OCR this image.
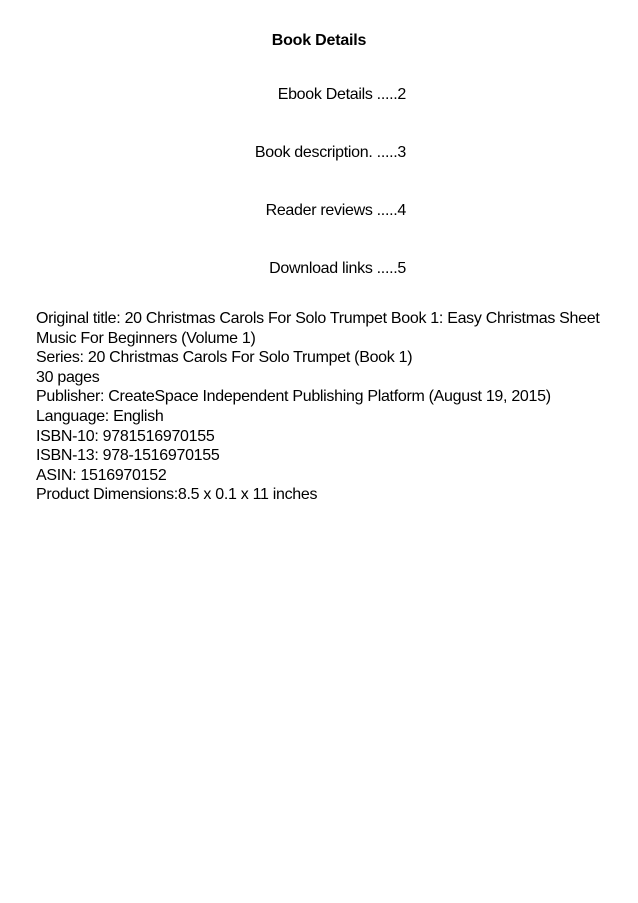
Book Details
Ebook Details .....2
Book description. .....3
Reader reviews .....4
Download links .....5
Original title: 20 Christmas Carols For Solo Trumpet Book 1: Easy Christmas Sheet Music For Beginners (Volume 1)
Series: 20 Christmas Carols For Solo Trumpet (Book 1)
30 pages
Publisher: CreateSpace Independent Publishing Platform (August 19, 2015)
Language: English
ISBN-10: 9781516970155
ISBN-13: 978-1516970155
ASIN: 1516970152
Product Dimensions:8.5 x 0.1 x 11 inches
